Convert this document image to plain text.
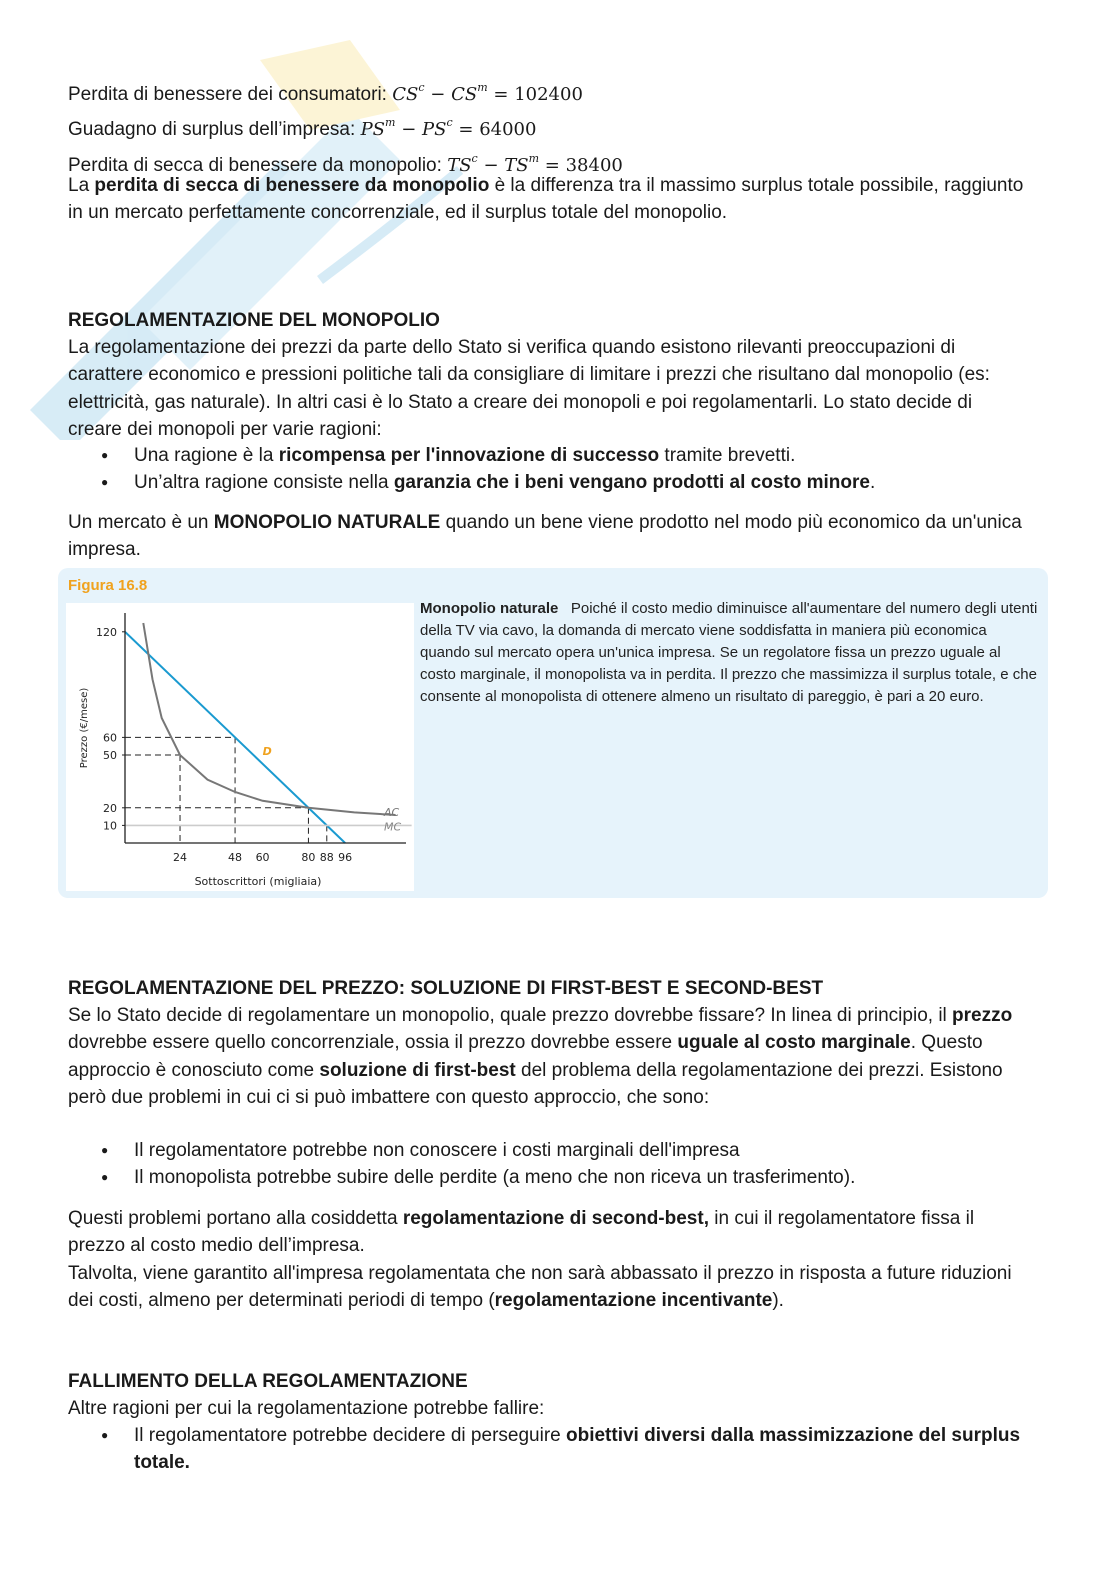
Perdita di benessere dei consumatori: $CS^c - CS^m = 102400$
Guadagno di surplus dell’impresa: $PS^m - PS^c = 64000$
Perdita di secca di benessere da monopolio: $TS^c - TS^m = 38400$
La perdita di secca di benessere da monopolio è la differenza tra il massimo surplus totale possibile, raggiunto in un mercato perfettamente concorrenziale, ed il surplus totale del monopolio.
REGOLAMENTAZIONE DEL MONOPOLIO
La regolamentazione dei prezzi da parte dello Stato si verifica quando esistono rilevanti preoccupazioni di carattere economico e pressioni politiche tali da consigliare di limitare i prezzi che risultano dal monopolio (es: elettricità, gas naturale). In altri casi è lo Stato a creare dei monopoli e poi regolamentarli. Lo stato decide di creare dei monopoli per varie ragioni:
● Una ragione è la ricompensa per l'innovazione di successo tramite brevetti.
● Un’altra ragione consiste nella garanzia che i beni vengano prodotti al costo minore.
Un mercato è un MONOPOLIO NATURALE quando un bene viene prodotto nel modo più economico da un'unica impresa.
Figura 16.8
10
20
50
60
120
24	48 60	80 88 96
Prezzo (€/mese)
Sottoscrittori (migliaia)
D
AC
MC
Monopolio naturale Poiché il costo medio diminuisce all'aumentare del numero degli utenti della TV via cavo, la domanda di mercato viene soddisfatta in maniera più economica quando sul mercato opera un'unica impresa. Se un regolatore fissa un prezzo uguale al costo marginale, il monopolista va in perdita. Il prezzo che massimizza il surplus totale, e che consente al monopolista di ottenere almeno un risultato di pareggio, è pari a 20 euro.
REGOLAMENTAZIONE DEL PREZZO: SOLUZIONE DI FIRST-BEST E SECOND-BEST
Se lo Stato decide di regolamentare un monopolio, quale prezzo dovrebbe fissare? In linea di principio, il prezzo dovrebbe essere quello concorrenziale, ossia il prezzo dovrebbe essere uguale al costo marginale. Questo approccio è conosciuto come soluzione di first-best del problema della regolamentazione dei prezzi. Esistono però due problemi in cui ci si può imbattere con questo approccio, che sono:
● Il regolamentatore potrebbe non conoscere i costi marginali dell'impresa
● Il monopolista potrebbe subire delle perdite (a meno che non riceva un trasferimento).
Questi problemi portano alla cosiddetta regolamentazione di second-best, in cui il regolamentatore fissa il prezzo al costo medio dell’impresa.
Talvolta, viene garantito all'impresa regolamentata che non sarà abbassato il prezzo in risposta a future riduzioni dei costi, almeno per determinati periodi di tempo (regolamentazione incentivante).
FALLIMENTO DELLA REGOLAMENTAZIONE
Altre ragioni per cui la regolamentazione potrebbe fallire:
● Il regolamentatore potrebbe decidere di perseguire obiettivi diversi dalla massimizzazione del surplus totale.
